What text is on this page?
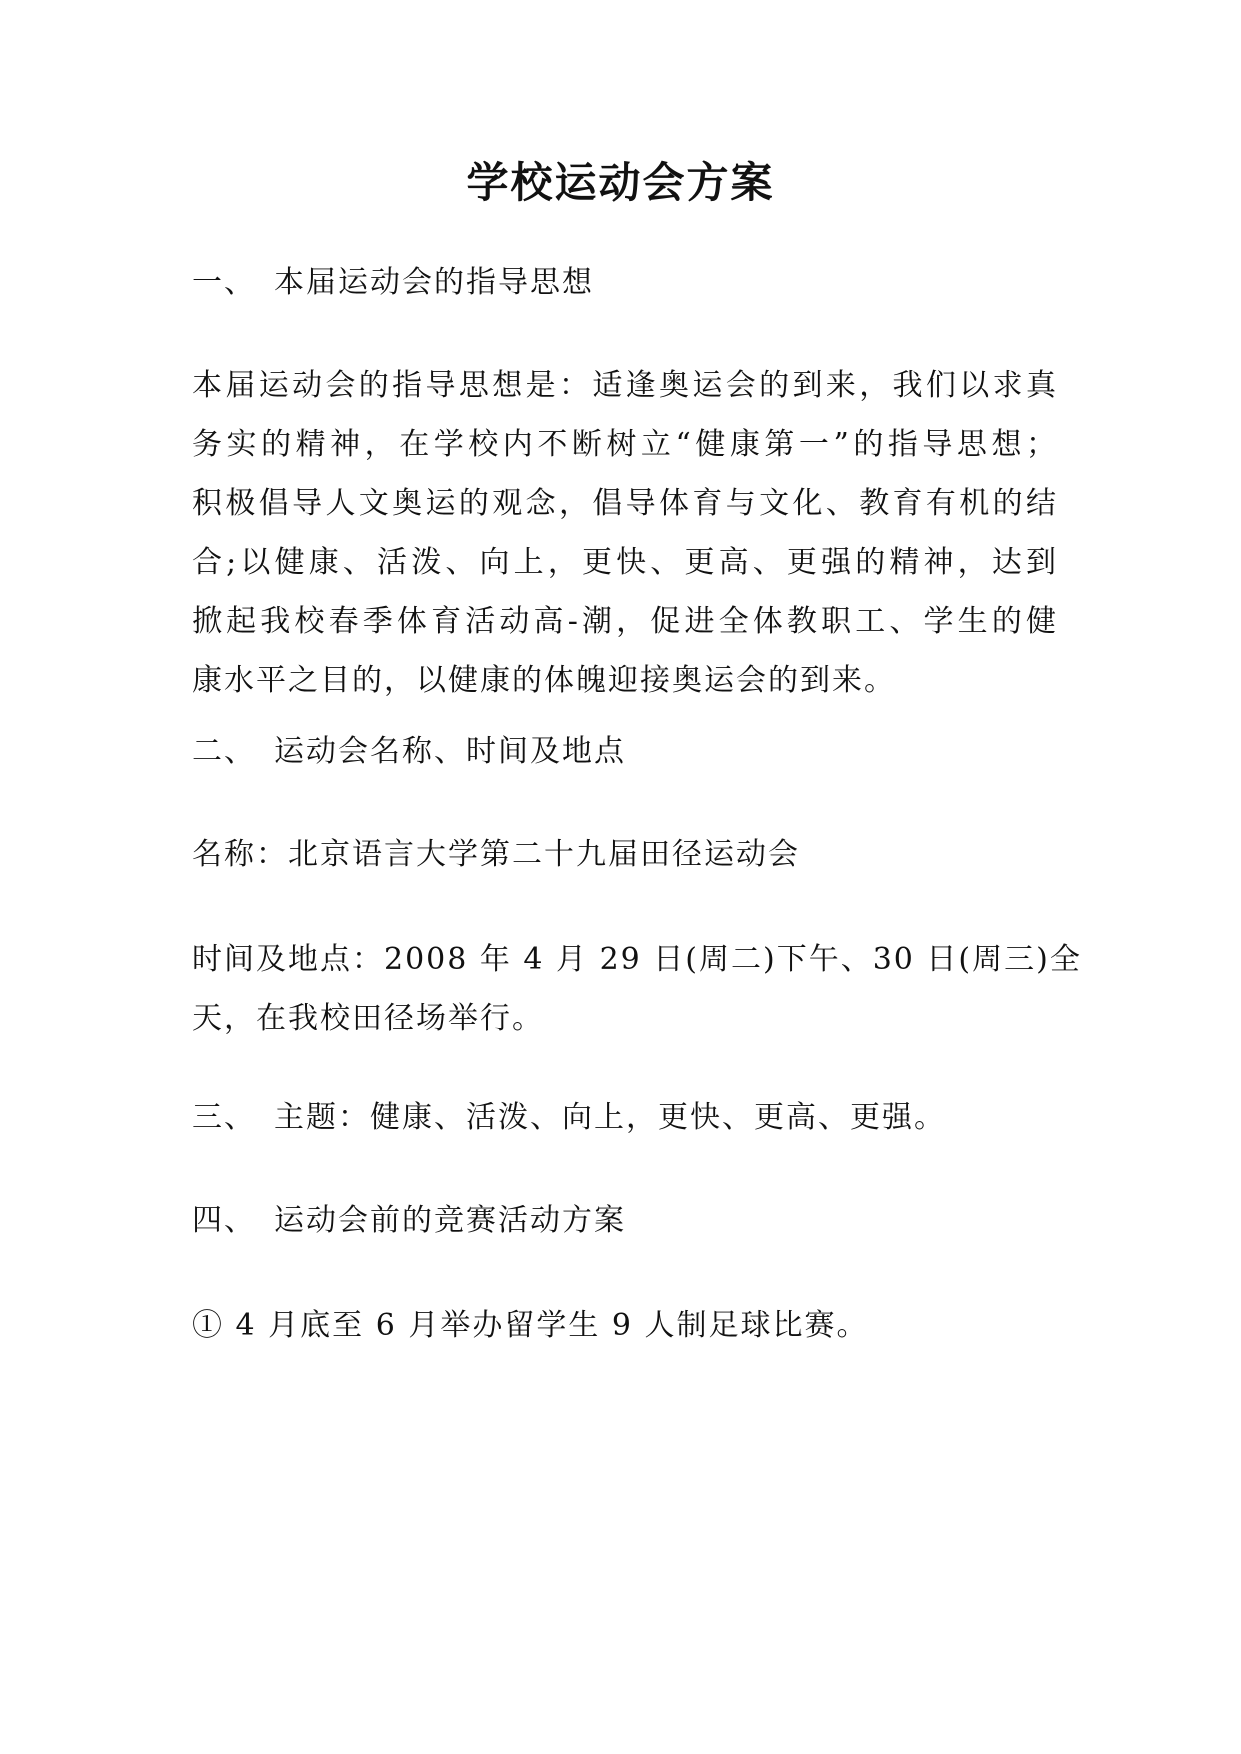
学校运动会方案
一、 本届运动会的指导思想
本届运动会的指导思想是：适逢奥运会的到来，我们以求真
务实的精神，在学校内不断树立“健康第一”的指导思想；
积极倡导人文奥运的观念，倡导体育与文化、教育有机的结
合;以健康、活泼、向上，更快、更高、更强的精神，达到
掀起我校春季体育活动高-潮，促进全体教职工、学生的健
康水平之目的，以健康的体魄迎接奥运会的到来。
二、 运动会名称、时间及地点
名称：北京语言大学第二十九届田径运动会
时间及地点：2008 年 4 月 29 日(周二)下午、30 日(周三)全
天，在我校田径场举行。
三、 主题：健康、活泼、向上，更快、更高、更强。
四、 运动会前的竞赛活动方案
① 4 月底至 6 月举办留学生 9 人制足球比赛。
